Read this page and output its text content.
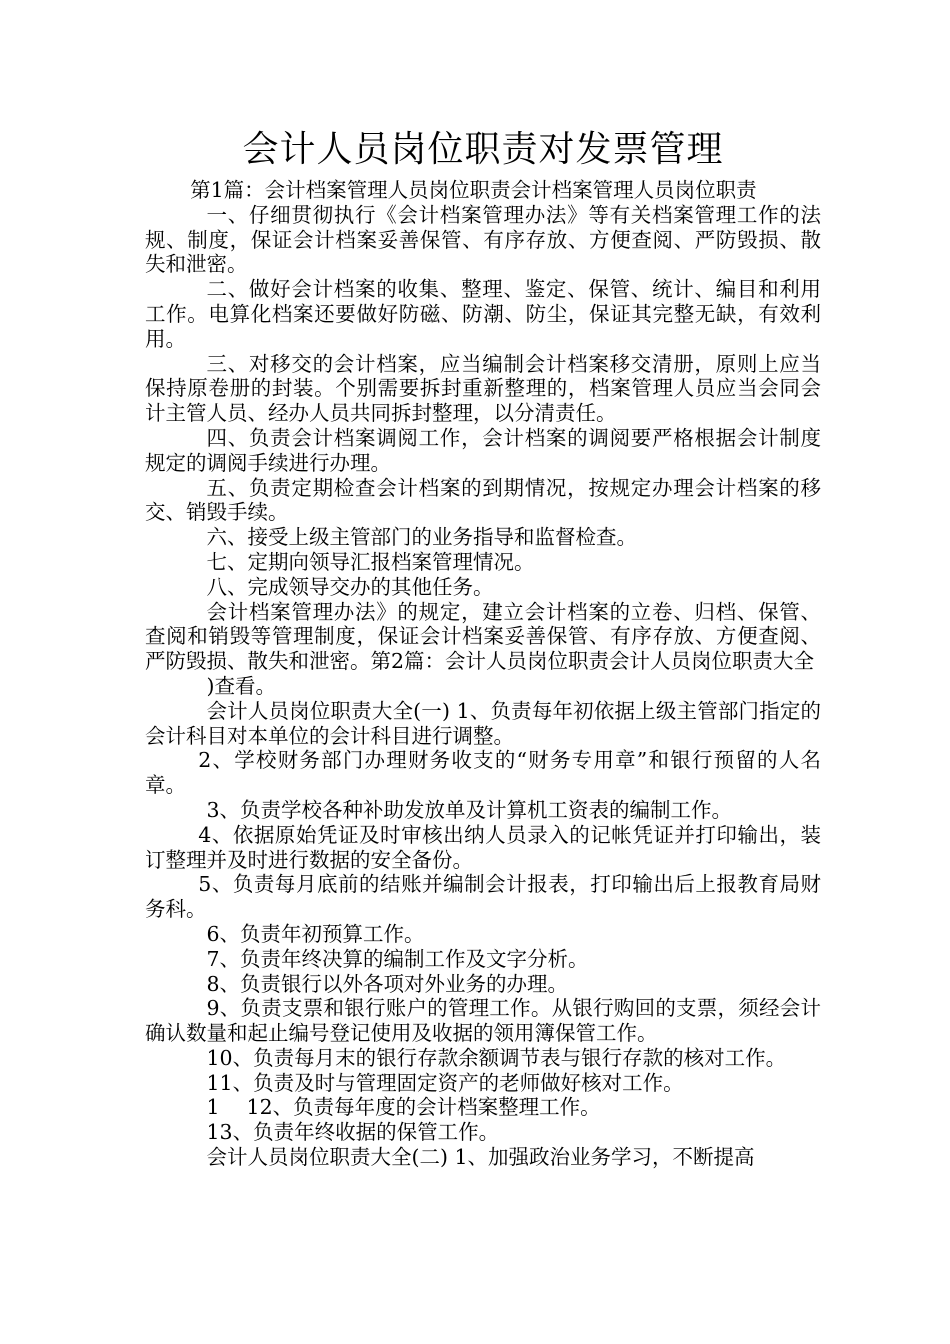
会计人员岗位职责对发票管理

第1篇：会计档案管理人员岗位职责会计档案管理人员岗位职责

一、仔细贯彻执行《会计档案管理办法》等有关档案管理工作的法规、制度，保证会计档案妥善保管、有序存放、方便查阅、严防毁损、散失和泄密。

二、做好会计档案的收集、整理、鉴定、保管、统计、编目和利用工作。电算化档案还要做好防磁、防潮、防尘，保证其完整无缺，有效利用。

三、对移交的会计档案，应当编制会计档案移交清册，原则上应当保持原卷册的封装。个别需要拆封重新整理的，档案管理人员应当会同会计主管人员、经办人员共同拆封整理，以分清责任。

四、负责会计档案调阅工作，会计档案的调阅要严格根据会计制度规定的调阅手续进行办理。

五、负责定期检查会计档案的到期情况，按规定办理会计档案的移交、销毁手续。

六、接受上级主管部门的业务指导和监督检查。

七、定期向领导汇报档案管理情况。

八、完成领导交办的其他任务。

会计档案管理办法》的规定，建立会计档案的立卷、归档、保管、查阅和销毁等管理制度，保证会计档案妥善保管、有序存放、方便查阅、严防毁损、散失和泄密。第2篇：会计人员岗位职责会计人员岗位职责大全

)查看。

会计人员岗位职责大全(一) 1、负责每年初依据上级主管部门指定的会计科目对本单位的会计科目进行调整。

2、学校财务部门办理财务收支的“财务专用章”和银行预留的人名章。

3、负责学校各种补助发放单及计算机工资表的编制工作。

4、依据原始凭证及时审核出纳人员录入的记帐凭证并打印输出，装订整理并及时进行数据的安全备份。

5、负责每月底前的结账并编制会计报表，打印输出后上报教育局财务科。

6、负责年初预算工作。

7、负责年终决算的编制工作及文字分析。

8、负责银行以外各项对外业务的办理。

9、负责支票和银行账户的管理工作。从银行购回的支票，须经会计确认数量和起止编号登记使用及收据的领用簿保管工作。

10、负责每月末的银行存款余额调节表与银行存款的核对工作。

11、负责及时与管理固定资产的老师做好核对工作。

1　 12、负责每年度的会计档案整理工作。

13、负责年终收据的保管工作。

会计人员岗位职责大全(二) 1、加强政治业务学习，不断提高
